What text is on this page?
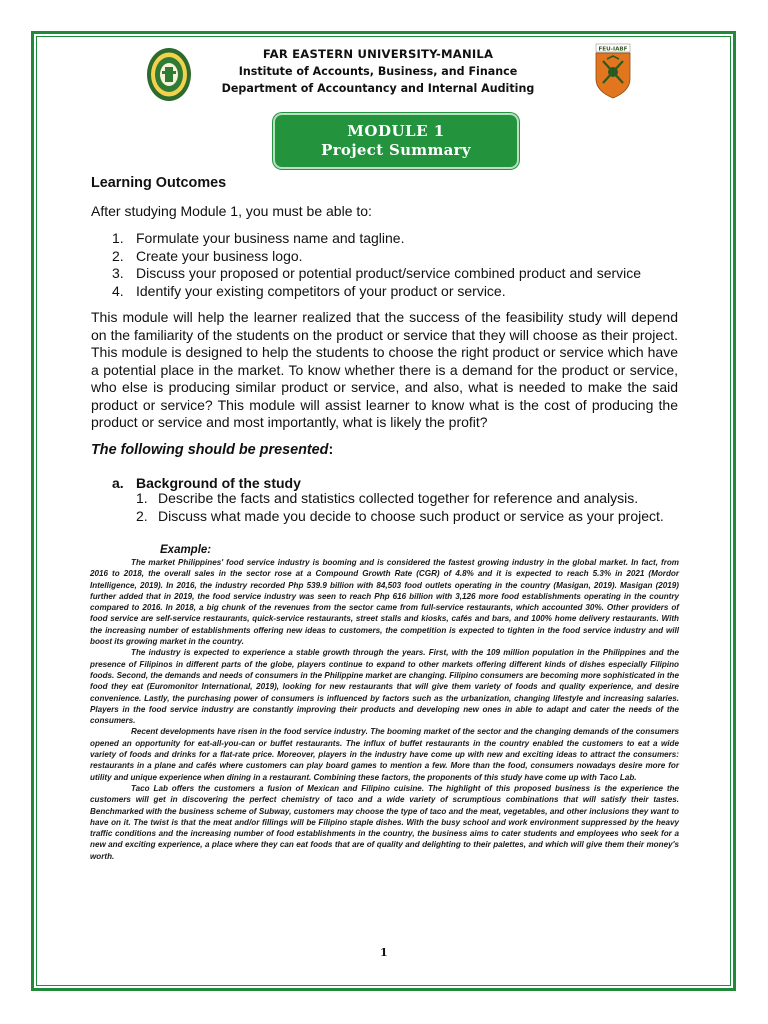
FAR EASTERN UNIVERSITY-MANILA
Institute of Accounts, Business, and Finance
Department of Accountancy and Internal Auditing
FEU-IABF
MODULE 1
Project Summary
Learning Outcomes
After studying Module 1, you must be able to:
1. Formulate your business name and tagline.
2. Create your business logo.
3. Discuss your proposed or potential product/service combined product and service
4. Identify your existing competitors of your product or service.
This module will help the learner realized that the success of the feasibility study will depend on the familiarity of the students on the product or service that they will choose as their project. This module is designed to help the students to choose the right product or service which have a potential place in the market. To know whether there is a demand for the product or service, who else is producing similar product or service, and also, what is needed to make the said product or service? This module will assist learner to know what is the cost of producing the product or service and most importantly, what is likely the profit?
The following should be presented:
a. Background of the study
1. Describe the facts and statistics collected together for reference and analysis.
2. Discuss what made you decide to choose such product or service as your project.
Example:

The market Philippines' food service industry is booming and is considered the fastest growing industry in the global market. In fact, from 2016 to 2018, the overall sales in the sector rose at a Compound Growth Rate (CGR) of 4.8% and it is expected to reach 5.3% in 2021 (Mordor Intelligence, 2019). In 2016, the industry recorded Php 539.9 billion with 84,503 food outlets operating in the country (Masigan, 2019). Masigan (2019) further added that in 2019, the food service industry was seen to reach Php 616 billion with 3,126 more food establishments operating in the country compared to 2016. In 2018, a big chunk of the revenues from the sector came from full-service restaurants, which accounted 30%. Other providers of food service are self-service restaurants, quick-service restaurants, street stalls and kiosks, cafés and bars, and 100% home delivery restaurants. With the increasing number of establishments offering new ideas to customers, the competition is expected to tighten in the food service industry and will boost its growing market in the country.

The industry is expected to experience a stable growth through the years. First, with the 109 million population in the Philippines and the presence of Filipinos in different parts of the globe, players continue to expand to other markets offering different kinds of dishes especially Filipino foods. Second, the demands and needs of consumers in the Philippine market are changing. Filipino consumers are becoming more sophisticated in the food they eat (Euromonitor International, 2019), looking for new restaurants that will give them variety of foods and quality experience, and desire convenience. Lastly, the purchasing power of consumers is influenced by factors such as the urbanization, changing lifestyle and increasing salaries. Players in the food service industry are constantly improving their products and developing new ones in able to adapt and cater the needs of the consumers.

Recent developments have risen in the food service industry. The booming market of the sector and the changing demands of the consumers opened an opportunity for eat-all-you-can or buffet restaurants. The influx of buffet restaurants in the country enabled the customers to eat a wide variety of foods and drinks for a flat-rate price. Moreover, players in the industry have come up with new and exciting ideas to attract the consumers: restaurants in a plane and cafés where customers can play board games to mention a few. More than the food, consumers nowadays desire more for utility and unique experience when dining in a restaurant. Combining these factors, the proponents of this study have come up with Taco Lab.

Taco Lab offers the customers a fusion of Mexican and Filipino cuisine. The highlight of this proposed business is the experience the customers will get in discovering the perfect chemistry of taco and a wide variety of scrumptious combinations that will satisfy their tastes. Benchmarked with the business scheme of Subway, customers may choose the type of taco and the meat, vegetables, and other inclusions they want to have on it. The twist is that the meat and/or fillings will be Filipino staple dishes. With the busy school and work environment suppressed by the heavy traffic conditions and the increasing number of food establishments in the country, the business aims to cater students and employees who seek for a new and exciting experience, a place where they can eat foods that are of quality and delighting to their palettes, and which will give them their money's worth.

1
